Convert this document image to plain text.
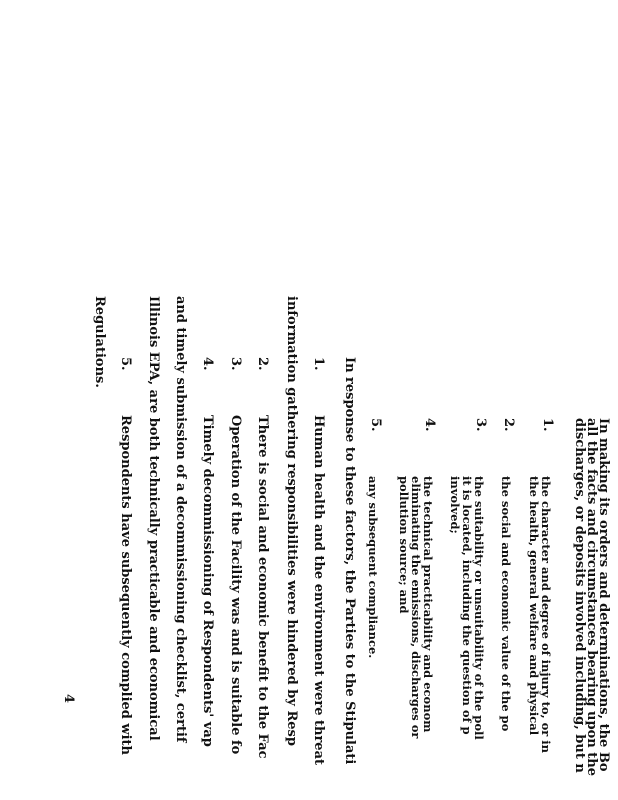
In making its orders and determinations, the Bo
all the facts and circumstances bearing upon the
discharges, or deposits involved including, but n
1.
the character and degree of injury to, or in
the health, general welfare and physical
2.
the social and economic value of the po
3.
the suitability or unsuitability of the poll
it is located, including the question of p
involved;
4.
the technical practicability and econom
eliminating the emissions, discharges or
pollution source; and
5.
any subsequent compliance.
In response to these factors, the Parties to the Stipulati
1.
Human health and the environment were threat
information gathering responsibilities were hindered by Resp
2.
There is social and economic benefit to the Fac
3.
Operation of the Facility was and is suitable fo
4.
Timely decommissioning of Respondents' vap
and timely submission of a decommissioning checklist, certif
Illinois EPA, are both technically practicable and economical
5.
Respondents have subsequently complied with
Regulations.
4
